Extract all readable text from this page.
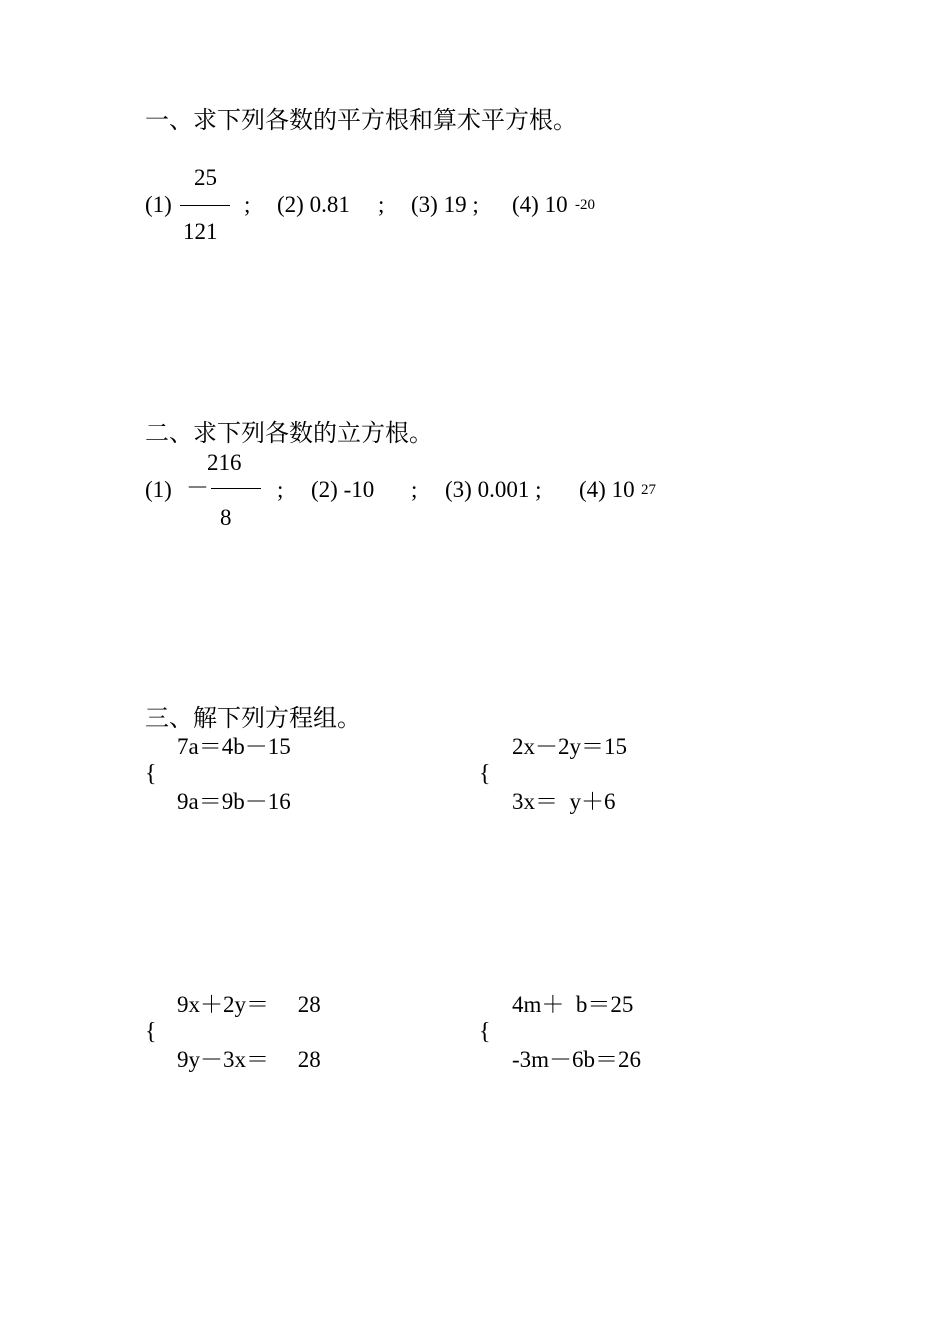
一、求下列各数的平方根和算术平方根。
(1)
25
121
; (2) 0.81 ; (3) 19 ; (4) 10 -20
二、求下列各数的立方根。
(1) －
216
8
; (2) -10 ; (3) 0.001 ; (4) 10 27
三、解下列方程组。
7a＝4b－15
{
9a＝9b－16
2x－2y＝15
{
3x＝  y＋6
9x＋2y＝     28
{
9y－3x＝     28
4m＋  b＝25
{
-3m－6b＝26
